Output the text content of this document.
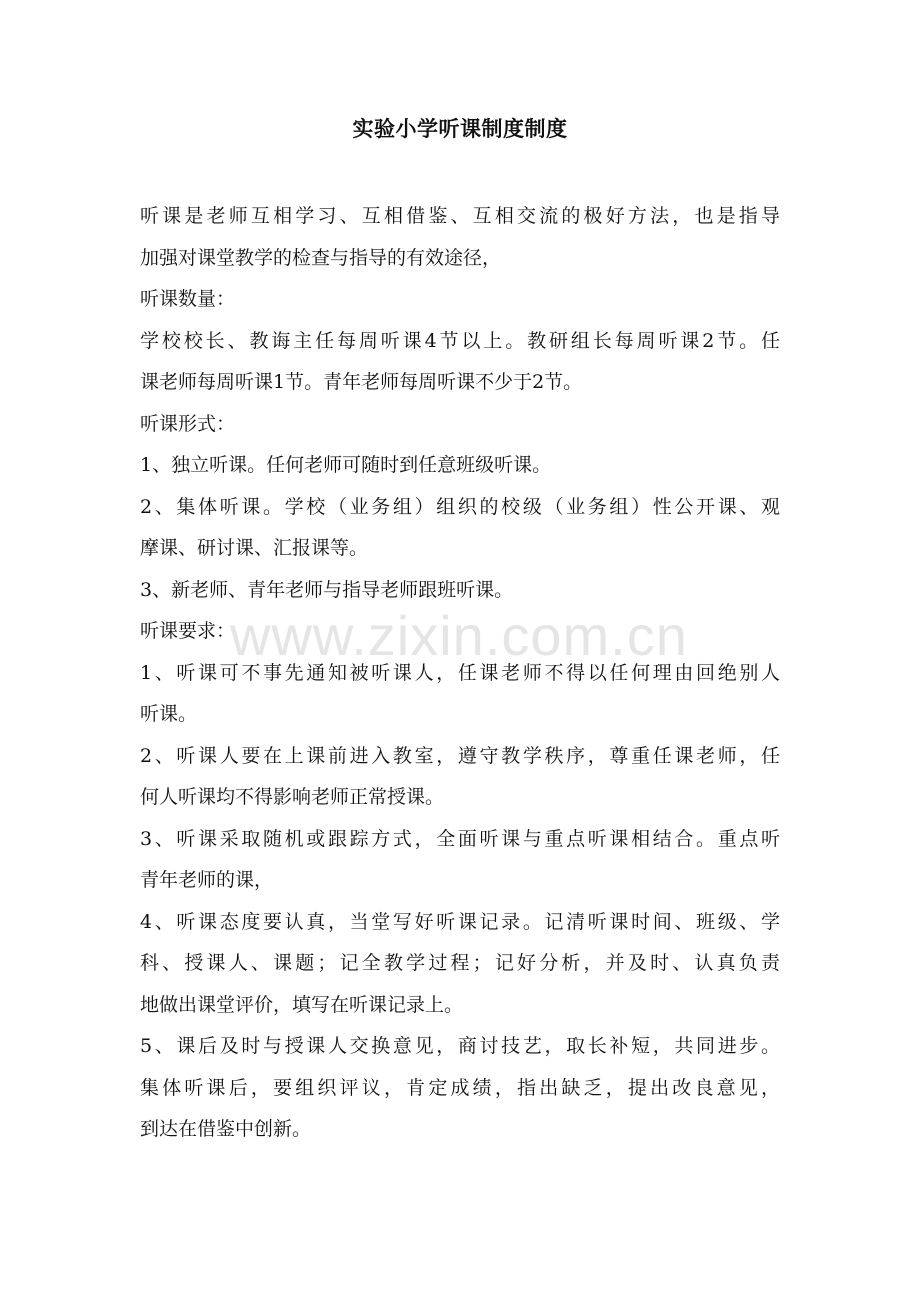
实验小学听课制度制度
听课是老师互相学习、互相借鉴、互相交流的极好方法，也是指导
加强对课堂教学的检查与指导的有效途径，
听课数量：
学校校长、教诲主任每周听课4节以上。教研组长每周听课2节。任
课老师每周听课1节。青年老师每周听课不少于2节。
听课形式：
1、独立听课。任何老师可随时到任意班级听课。
2、集体听课。学校（业务组）组织的校级（业务组）性公开课、观
摩课、研讨课、汇报课等。
3、新老师、青年老师与指导老师跟班听课。
听课要求：
1、听课可不事先通知被听课人，任课老师不得以任何理由回绝别人
听课。
2、听课人要在上课前进入教室，遵守教学秩序，尊重任课老师，任
何人听课均不得影响老师正常授课。
3、听课采取随机或跟踪方式，全面听课与重点听课相结合。重点听
青年老师的课，
4、听课态度要认真，当堂写好听课记录。记清听课时间、班级、学
科、授课人、课题；记全教学过程；记好分析，并及时、认真负责
地做出课堂评价，填写在听课记录上。
5、课后及时与授课人交换意见，商讨技艺，取长补短，共同进步。
集体听课后，要组织评议，肯定成绩，指出缺乏，提出改良意见，
到达在借鉴中创新。
www.zixin.com.cn
